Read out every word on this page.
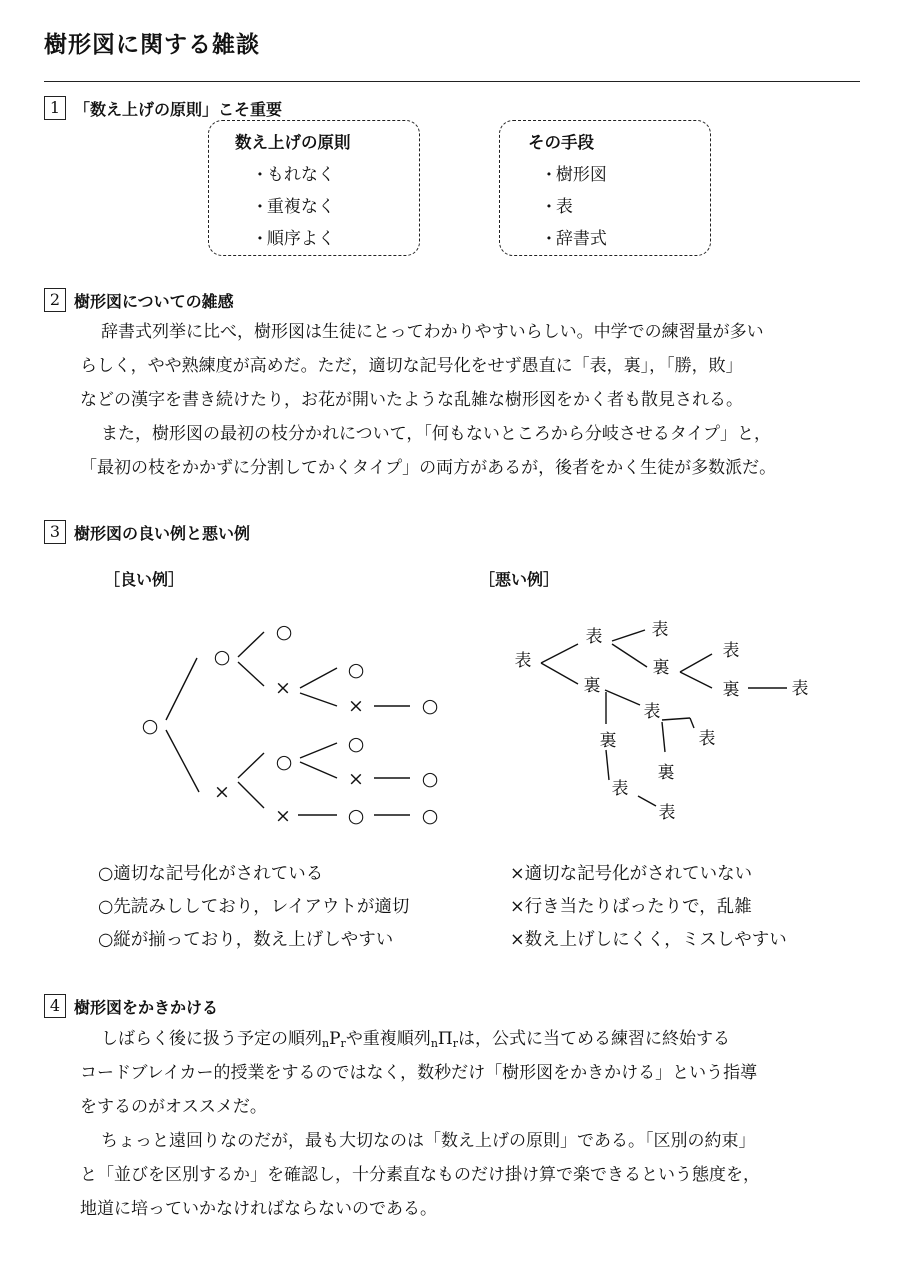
樹形図に関する雑談
1 「数え上げの原則」こそ重要
数え上げの原則
· もれなく
· 重複なく
· 順序よく
その手段
· 樹形図
· 表
· 辞書式
2 樹形図についての雑感
辞書式列挙に比べ，樹形図は生徒にとってわかりやすいらしい。中学での練習量が多い
らしく，やや熟練度が高めだ。ただ，適切な記号化をせず愚直に「表，裏」，「勝，敗」
などの漢字を書き続けたり，お花が開いたような乱雑な樹形図をかく者も散見される。
また，樹形図の最初の枝分かれについて，「何もないところから分岐させるタイプ」と，
「最初の枝をかかずに分割してかくタイプ」の両方があるが，後者をかく生徒が多数派だ。
3 樹形図の良い例と悪い例
［良い例］	［悪い例］
○
○
○
×
○
×	○
×
○
○
×	○
×	○	○
表
表	表
裏
表
裏	表
裏
表
裏	表
裏
表
表
○適切な記号化がされている
○先読みししており，レイアウトが適切
○縦が揃っており，数え上げしやすい
×適切な記号化がされていない
×行き当たりばったりで，乱雑
×数え上げしにくく，ミスしやすい
4 樹形図をかきかける
しばらく後に扱う予定の順列nPrや重複順列nΠrは，公式に当てめる練習に終始する
コードブレイカー的授業をするのではなく，数秒だけ「樹形図をかきかける」という指導
をするのがオススメだ。
ちょっと遠回りなのだが，最も大切なのは「数え上げの原則」である。「区別の約束」
と「並びを区別するか」を確認し，十分素直なものだけ掛け算で楽できるという態度を，
地道に培っていかなければならないのである。
